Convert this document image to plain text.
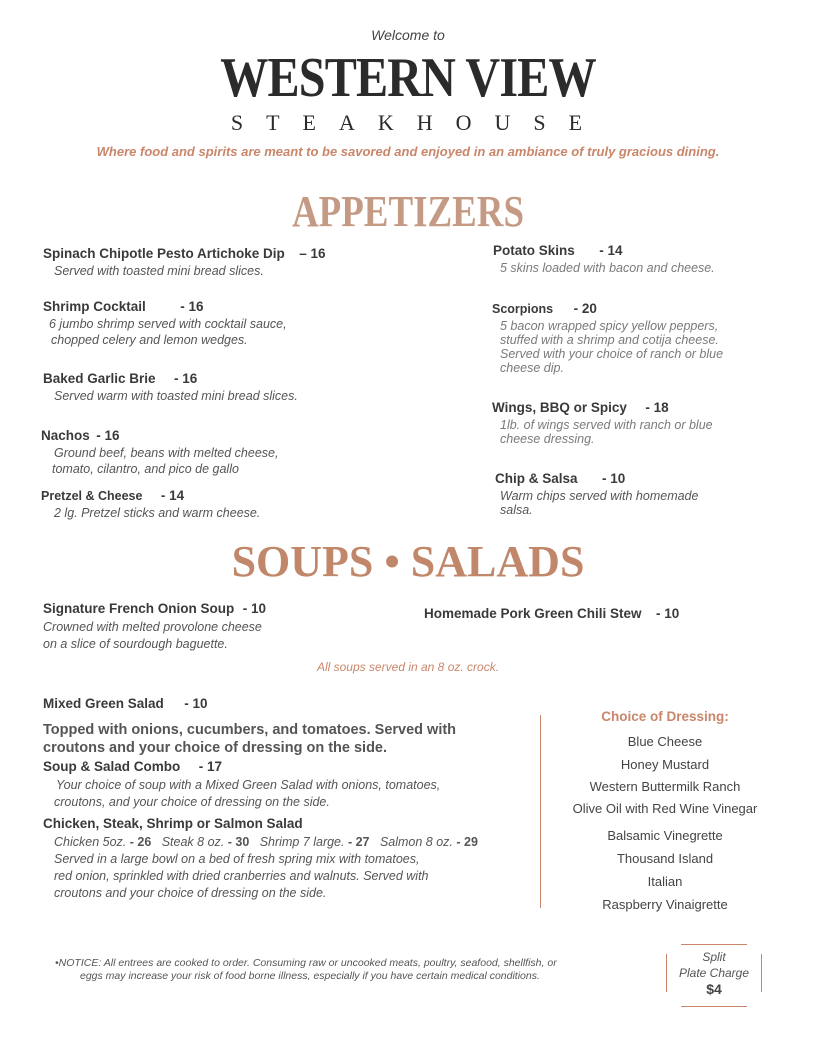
Welcome to
WESTERN VIEW
STEAKHOUSE
Where food and spirits are meant to be savored and enjoyed in an ambiance of truly gracious dining.
APPETIZERS
Spinach Chipotle Pesto Artichoke Dip – 16
Served with toasted mini bread slices.
Shrimp Cocktail	- 16
6 jumbo shrimp served with cocktail sauce,
chopped celery and lemon wedges.
Baked Garlic Brie - 16
Served warm with toasted mini bread slices.
Nachos - 16
Ground beef, beans with melted cheese,
tomato, cilantro, and pico de gallo
Pretzel & Cheese - 14
2 lg. Pretzel sticks and warm cheese.
Potato Skins - 14
5 skins loaded with bacon and cheese.
Scorpions - 20
5 bacon wrapped spicy yellow peppers,
stuffed with a shrimp and cotija cheese.
Served with your choice of ranch or blue
cheese dip.
Wings, BBQ or Spicy - 18
1lb. of wings served with ranch or blue
cheese dressing.
Chip & Salsa - 10
Warm chips served with homemade
salsa.
SOUPS • SALADS
Signature French Onion Soup - 10
Crowned with melted provolone cheese
on a slice of sourdough baguette.
Homemade Pork Green Chili Stew - 10
All soups served in an 8 oz. crock.
Mixed Green Salad - 10
Topped with onions, cucumbers, and tomatoes. Served with
croutons and your choice of dressing on the side.
Soup & Salad Combo - 17
Your choice of soup with a Mixed Green Salad with onions, tomatoes,
croutons, and your choice of dressing on the side.
Chicken, Steak, Shrimp or Salmon Salad
Chicken 5oz. - 26 Steak 8 oz. - 30 Shrimp 7 large. - 27 Salmon 8 oz. - 29
Served in a large bowl on a bed of fresh spring mix with tomatoes,
red onion, sprinkled with dried cranberries and walnuts. Served with
croutons and your choice of dressing on the side.
Choice of Dressing:
Blue Cheese
Honey Mustard
Western Buttermilk Ranch
Olive Oil with Red Wine Vinegar
Balsamic Vinegrette
Thousand Island
Italian
Raspberry Vinaigrette
•NOTICE: All entrees are cooked to order. Consuming raw or uncooked meats, poultry, seafood, shellfish, or
eggs may increase your risk of food borne illness, especially if you have certain medical conditions.
Split
Plate Charge
$4
